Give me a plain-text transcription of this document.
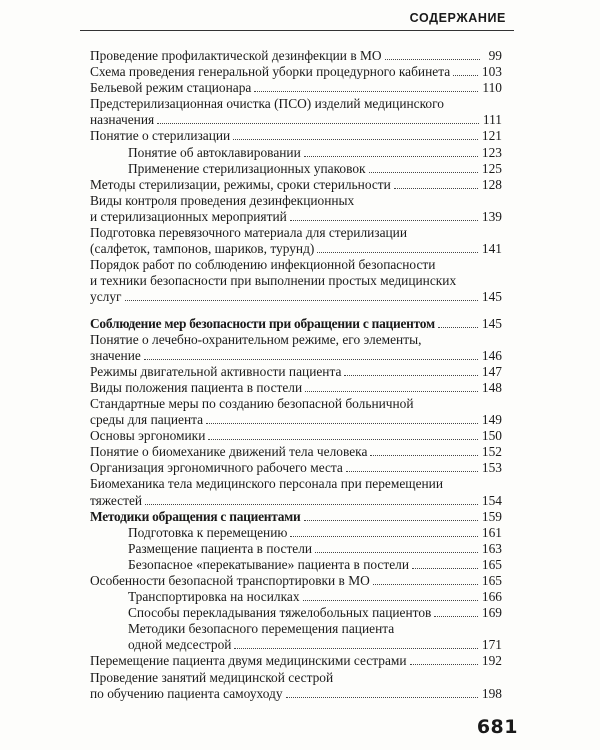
СОДЕРЖАНИЕ
Проведение профилактической дезинфекции в МО	99
Схема проведения генеральной уборки процедурного кабинета 103
Бельевой режим стационара	110
Предстерилизационная очистка (ПСО) изделий медицинского
назначения	111
Понятие о стерилизации	121
Понятие об автоклавировании	123
Применение стерилизационных упаковок	125
Методы стерилизации, режимы, сроки стерильности	128
Виды контроля проведения дезинфекционных
и стерилизационных мероприятий	139
Подготовка перевязочного материала для стерилизации
(салфеток, тампонов, шариков, турунд)	141
Порядок работ по соблюдению инфекционной безопасности
и техники безопасности при выполнении простых медицинских
услуг	145
Соблюдение мер безопасности при обращении с пациентом	145
Понятие о лечебно-охранительном режиме, его элементы,
значение	146
Режимы двигательной активности пациента	147
Виды положения пациента в постели	148
Стандартные меры по созданию безопасной больничной
среды для пациента	149
Основы эргономики	150
Понятие о биомеханике движений тела человека	152
Организация эргономичного рабочего места	153
Биомеханика тела медицинского персонала при перемещении
тяжестей	154
Методики обращения с пациентами	159
Подготовка к перемещению	161
Размещение пациента в постели	163
Безопасное «перекатывание» пациента в постели	165
Особенности безопасной транспортировки в МО	165
Транспортировка на носилках	166
Способы перекладывания тяжелобольных пациентов	169
Методики безопасного перемещения пациента
одной медсестрой	171
Перемещение пациента двумя медицинскими сестрами	192
Проведение занятий медицинской сестрой
по обучению пациента самоуходу	198
681
